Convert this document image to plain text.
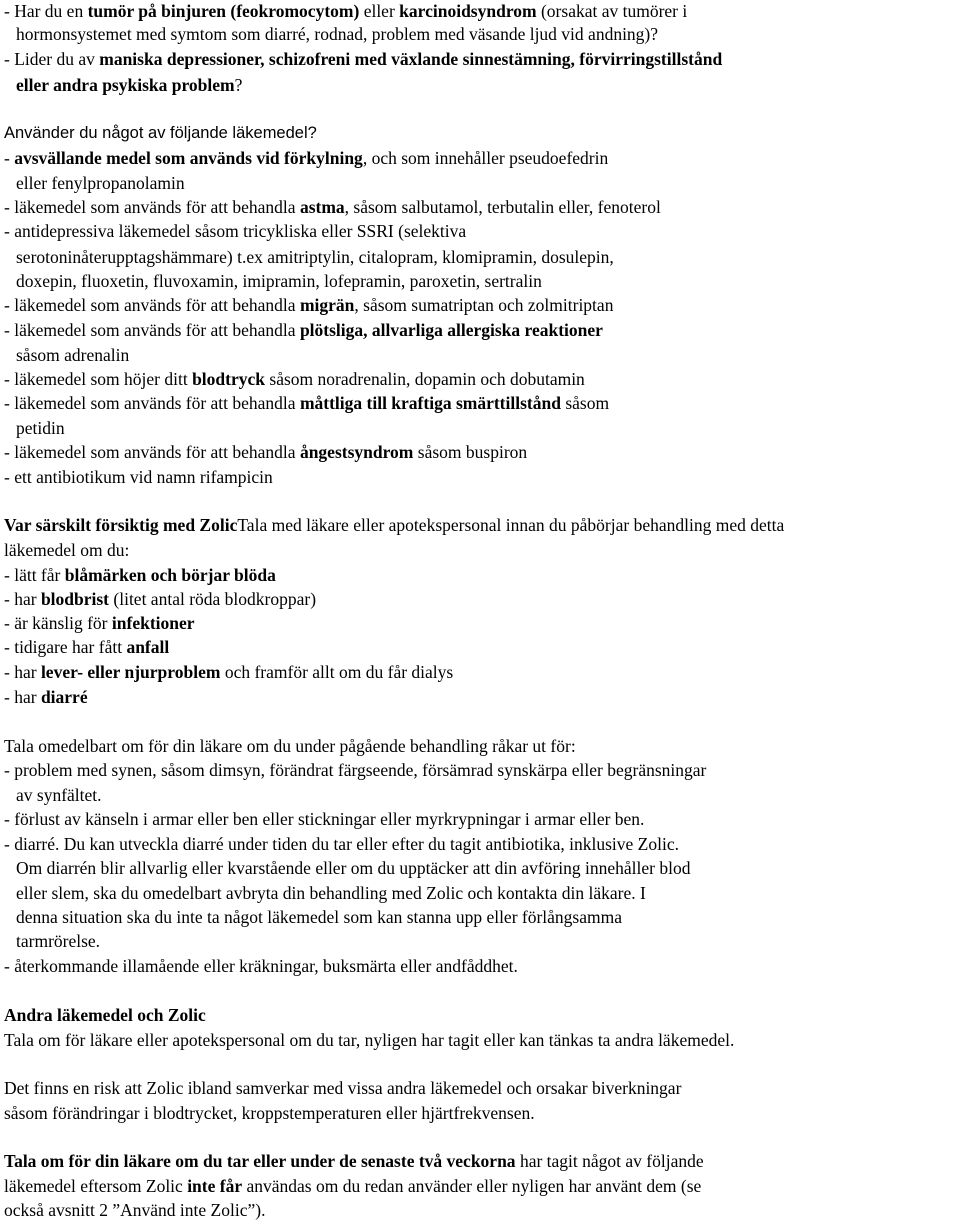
- Har du en tumör på binjuren (feokromocytom) eller karcinoidsyndrom (orsakat av tumörer i
hormonsystemet med symtom som diarré, rodnad, problem med väsande ljud vid andning)?
- Lider du av maniska depressioner, schizofreni med växlande sinnestämning, förvirringstillstånd
eller andra psykiska problem?
Använder du något av följande läkemedel?
- avsvällande medel som används vid förkylning, och som innehåller pseudoefedrin
eller fenylpropanolamin
- läkemedel som används för att behandla astma, såsom salbutamol, terbutalin eller, fenoterol
- antidepressiva läkemedel såsom tricykliska eller SSRI (selektiva
serotoninåterupptagshämmare) t.ex amitriptylin, citalopram, klomipramin, dosulepin,
doxepin, fluoxetin, fluvoxamin, imipramin, lofepramin, paroxetin, sertralin
- läkemedel som används för att behandla migrän, såsom sumatriptan och zolmitriptan
- läkemedel som används för att behandla plötsliga, allvarliga allergiska reaktioner
såsom adrenalin
- läkemedel som höjer ditt blodtryck såsom noradrenalin, dopamin och dobutamin
- läkemedel som används för att behandla måttliga till kraftiga smärttillstånd såsom
petidin
- läkemedel som används för att behandla ångestsyndrom såsom buspiron
- ett antibiotikum vid namn rifampicin
Var särskilt försiktig med ZolicTala med läkare eller apotekspersonal innan du påbörjar behandling med detta
läkemedel om du:
- lätt får blåmärken och börjar blöda
- har blodbrist (litet antal röda blodkroppar)
- är känslig för infektioner
- tidigare har fått anfall
- har lever- eller njurproblem och framför allt om du får dialys
- har diarré
Tala omedelbart om för din läkare om du under pågående behandling råkar ut för:
- problem med synen, såsom dimsyn, förändrat färgseende, försämrad synskärpa eller begränsningar
av synfältet.
- förlust av känseln i armar eller ben eller stickningar eller myrkrypningar i armar eller ben.
- diarré. Du kan utveckla diarré under tiden du tar eller efter du tagit antibiotika, inklusive Zolic.
Om diarrén blir allvarlig eller kvarstående eller om du upptäcker att din avföring innehåller blod
eller slem, ska du omedelbart avbryta din behandling med Zolic och kontakta din läkare. I
denna situation ska du inte ta något läkemedel som kan stanna upp eller förlångsamma
tarmrörelse.
- återkommande illamående eller kräkningar, buksmärta eller andfåddhet.
Andra läkemedel och Zolic
Tala om för läkare eller apotekspersonal om du tar, nyligen har tagit eller kan tänkas ta andra läkemedel.
Det finns en risk att Zolic ibland samverkar med vissa andra läkemedel och orsakar biverkningar
såsom förändringar i blodtrycket, kroppstemperaturen eller hjärtfrekvensen.
Tala om för din läkare om du tar eller under de senaste två veckorna har tagit något av följande
läkemedel eftersom Zolic inte får användas om du redan använder eller nyligen har använt dem (se
också avsnitt 2 ”Använd inte Zolic”).
